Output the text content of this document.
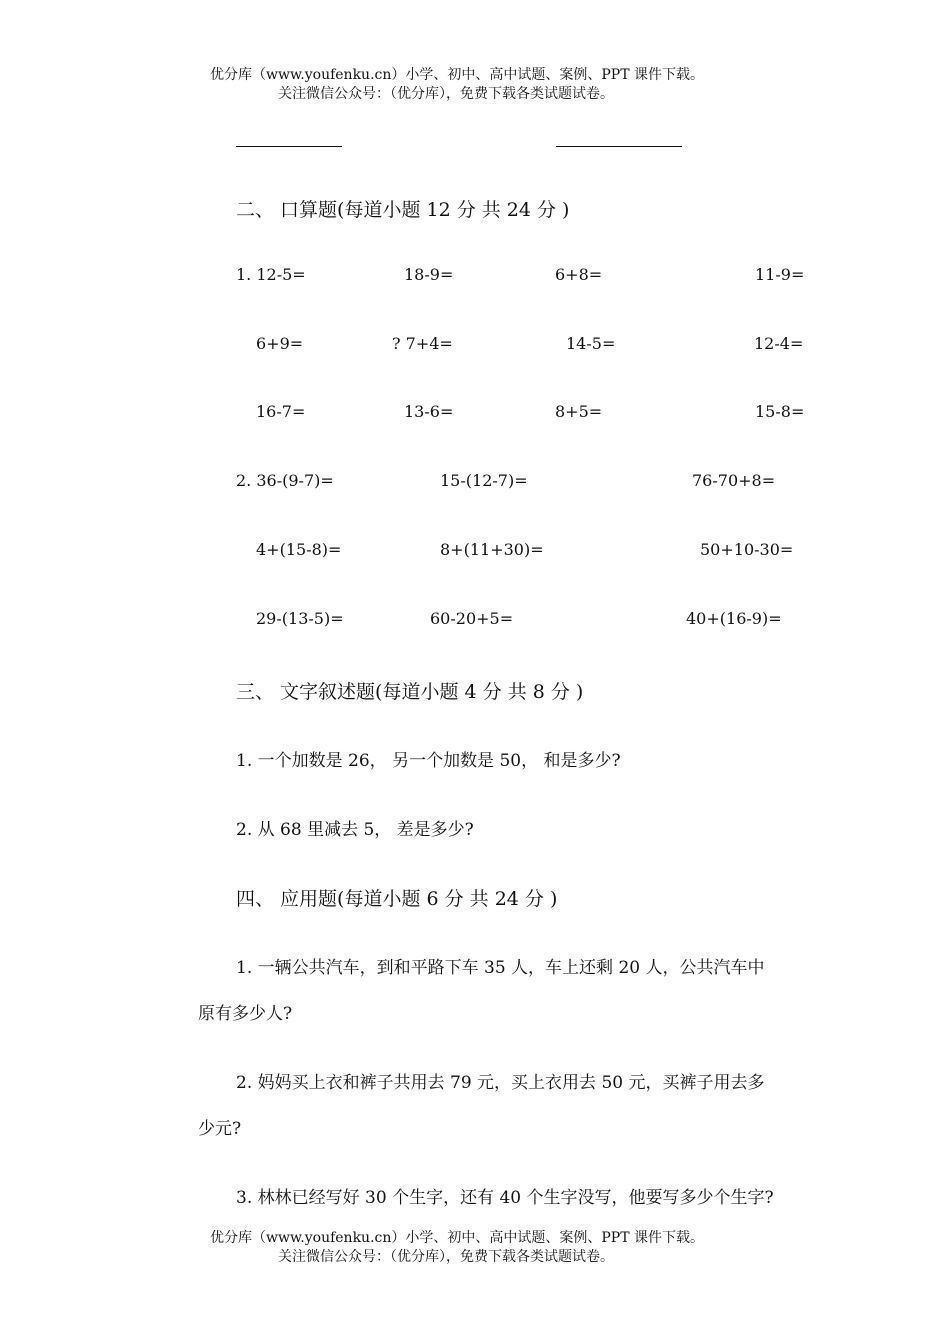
优分库（www.youfenku.cn）小学、初中、高中试题、案例、PPT 课件下载。
关注微信公众号：（优分库），免费下载各类试题试卷。
二、 口算题(每道小题 12 分 共 24 分 )
1. 12-5=	18-9=	6+8=	11-9=
6+9=	? 7+4=	14-5=	12-4=
16-7=	13-6=	8+5=	15-8=
2. 36-(9-7)=	15-(12-7)=	76-70+8=
4+(15-8)=	8+(11+30)=	50+10-30=
29-(13-5)=	60-20+5=	40+(16-9)=
三、 文字叙述题(每道小题 4 分 共 8 分 )
1. 一个加数是 26， 另一个加数是 50， 和是多少?
2. 从 68 里减去 5， 差是多少?
四、 应用题(每道小题 6 分 共 24 分 )
1. 一辆公共汽车，到和平路下车 35 人，车上还剩 20 人，公共汽车中
原有多少人?
2. 妈妈买上衣和裤子共用去 79 元，买上衣用去 50 元，买裤子用去多
少元?
3. 林林已经写好 30 个生字，还有 40 个生字没写，他要写多少个生字?
优分库（www.youfenku.cn）小学、初中、高中试题、案例、PPT 课件下载。
关注微信公众号：（优分库），免费下载各类试题试卷。
